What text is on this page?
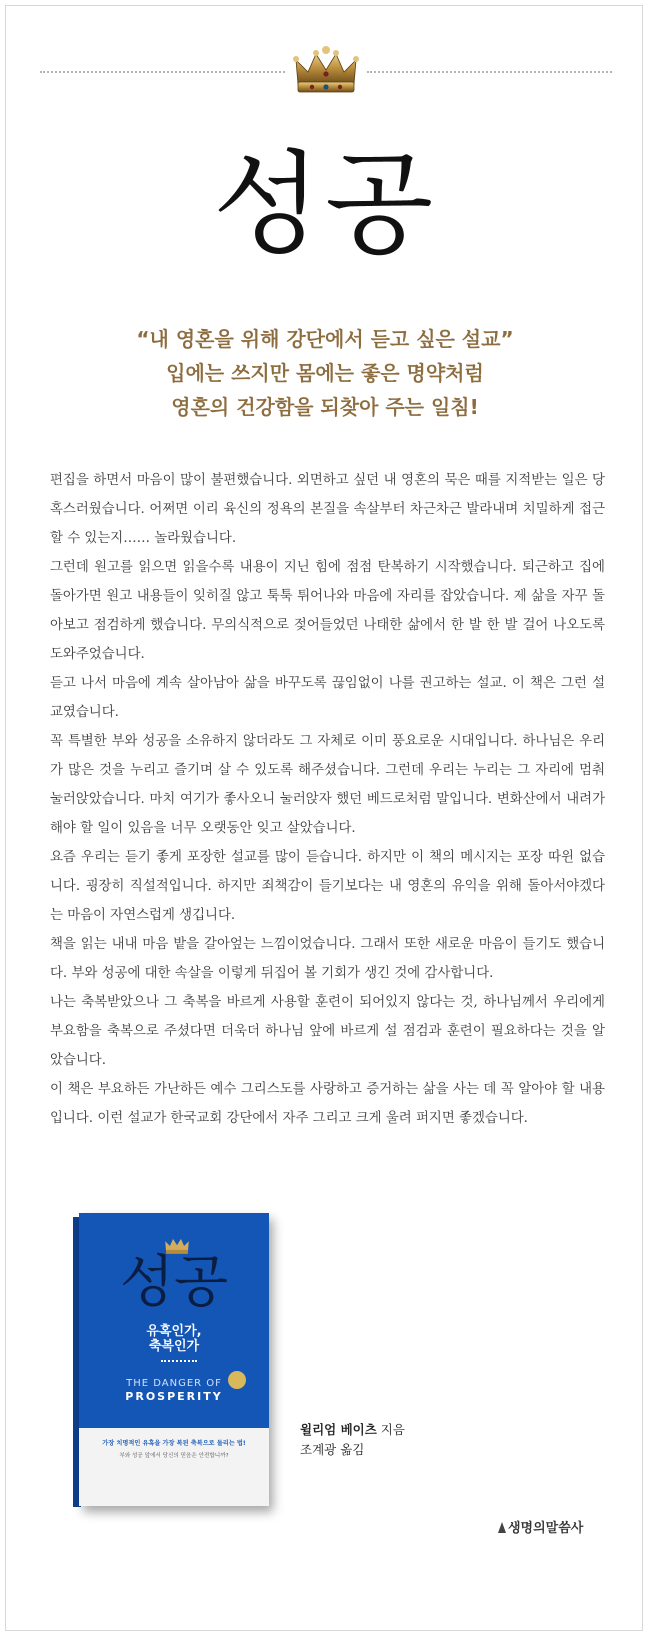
성공
“내 영혼을 위해 강단에서 듣고 싶은 설교”
입에는 쓰지만 몸에는 좋은 명약처럼
영혼의 건강함을 되찾아 주는 일침!

편집을 하면서 마음이 많이 불편했습니다. 외면하고 싶던 내 영혼의 묵은 때를 지적받는 일은 당혹스러웠습니다. 어쩌면 이리 육신의 정욕의 본질을 속살부터 차근차근 발라내며 치밀하게 접근할 수 있는지…… 놀라웠습니다.

그런데 원고를 읽으면 읽을수록 내용이 지닌 힘에 점점 탄복하기 시작했습니다. 퇴근하고 집에 돌아가면 원고 내용들이 잊히질 않고 툭툭 튀어나와 마음에 자리를 잡았습니다. 제 삶을 자꾸 돌아보고 점검하게 했습니다. 무의식적으로 젖어들었던 나태한 삶에서 한 발 한 발 걸어 나오도록 도와주었습니다.

듣고 나서 마음에 계속 살아남아 삶을 바꾸도록 끊임없이 나를 권고하는 설교. 이 책은 그런 설교였습니다.

꼭 특별한 부와 성공을 소유하지 않더라도 그 자체로 이미 풍요로운 시대입니다. 하나님은 우리가 많은 것을 누리고 즐기며 살 수 있도록 해주셨습니다. 그런데 우리는 누리는 그 자리에 멈춰 눌러앉았습니다. 마치 여기가 좋사오니 눌러앉자 했던 베드로처럼 말입니다. 변화산에서 내려가 해야 할 일이 있음을 너무 오랫동안 잊고 살았습니다.

요즘 우리는 듣기 좋게 포장한 설교를 많이 듣습니다. 하지만 이 책의 메시지는 포장 따윈 없습니다. 굉장히 직설적입니다. 하지만 죄책감이 들기보다는 내 영혼의 유익을 위해 돌아서야겠다는 마음이 자연스럽게 생깁니다.

책을 읽는 내내 마음 밭을 갈아엎는 느낌이었습니다. 그래서 또한 새로운 마음이 들기도 했습니다. 부와 성공에 대한 속살을 이렇게 뒤집어 볼 기회가 생긴 것에 감사합니다.

나는 축복받았으나 그 축복을 바르게 사용할 훈련이 되어있지 않다는 것, 하나님께서 우리에게 부요함을 축복으로 주셨다면 더욱더 하나님 앞에 바르게 설 점검과 훈련이 필요하다는 것을 알았습니다.

이 책은 부요하든 가난하든 예수 그리스도를 사랑하고 증거하는 삶을 사는 데 꼭 알아야 할 내용입니다. 이런 설교가 한국교회 강단에서 자주 그리고 크게 울려 퍼지면 좋겠습니다.

성공
유혹인가,
축복인가
THE DANGER OF
PROSPERITY
가장 치명적인 유혹을 가장 복된 축복으로 돌리는 법!
부와 성공 앞에서 당신의 믿음은 안전합니까?
윌리엄 베이츠 지음
조계광 옮김
생명의말씀사
